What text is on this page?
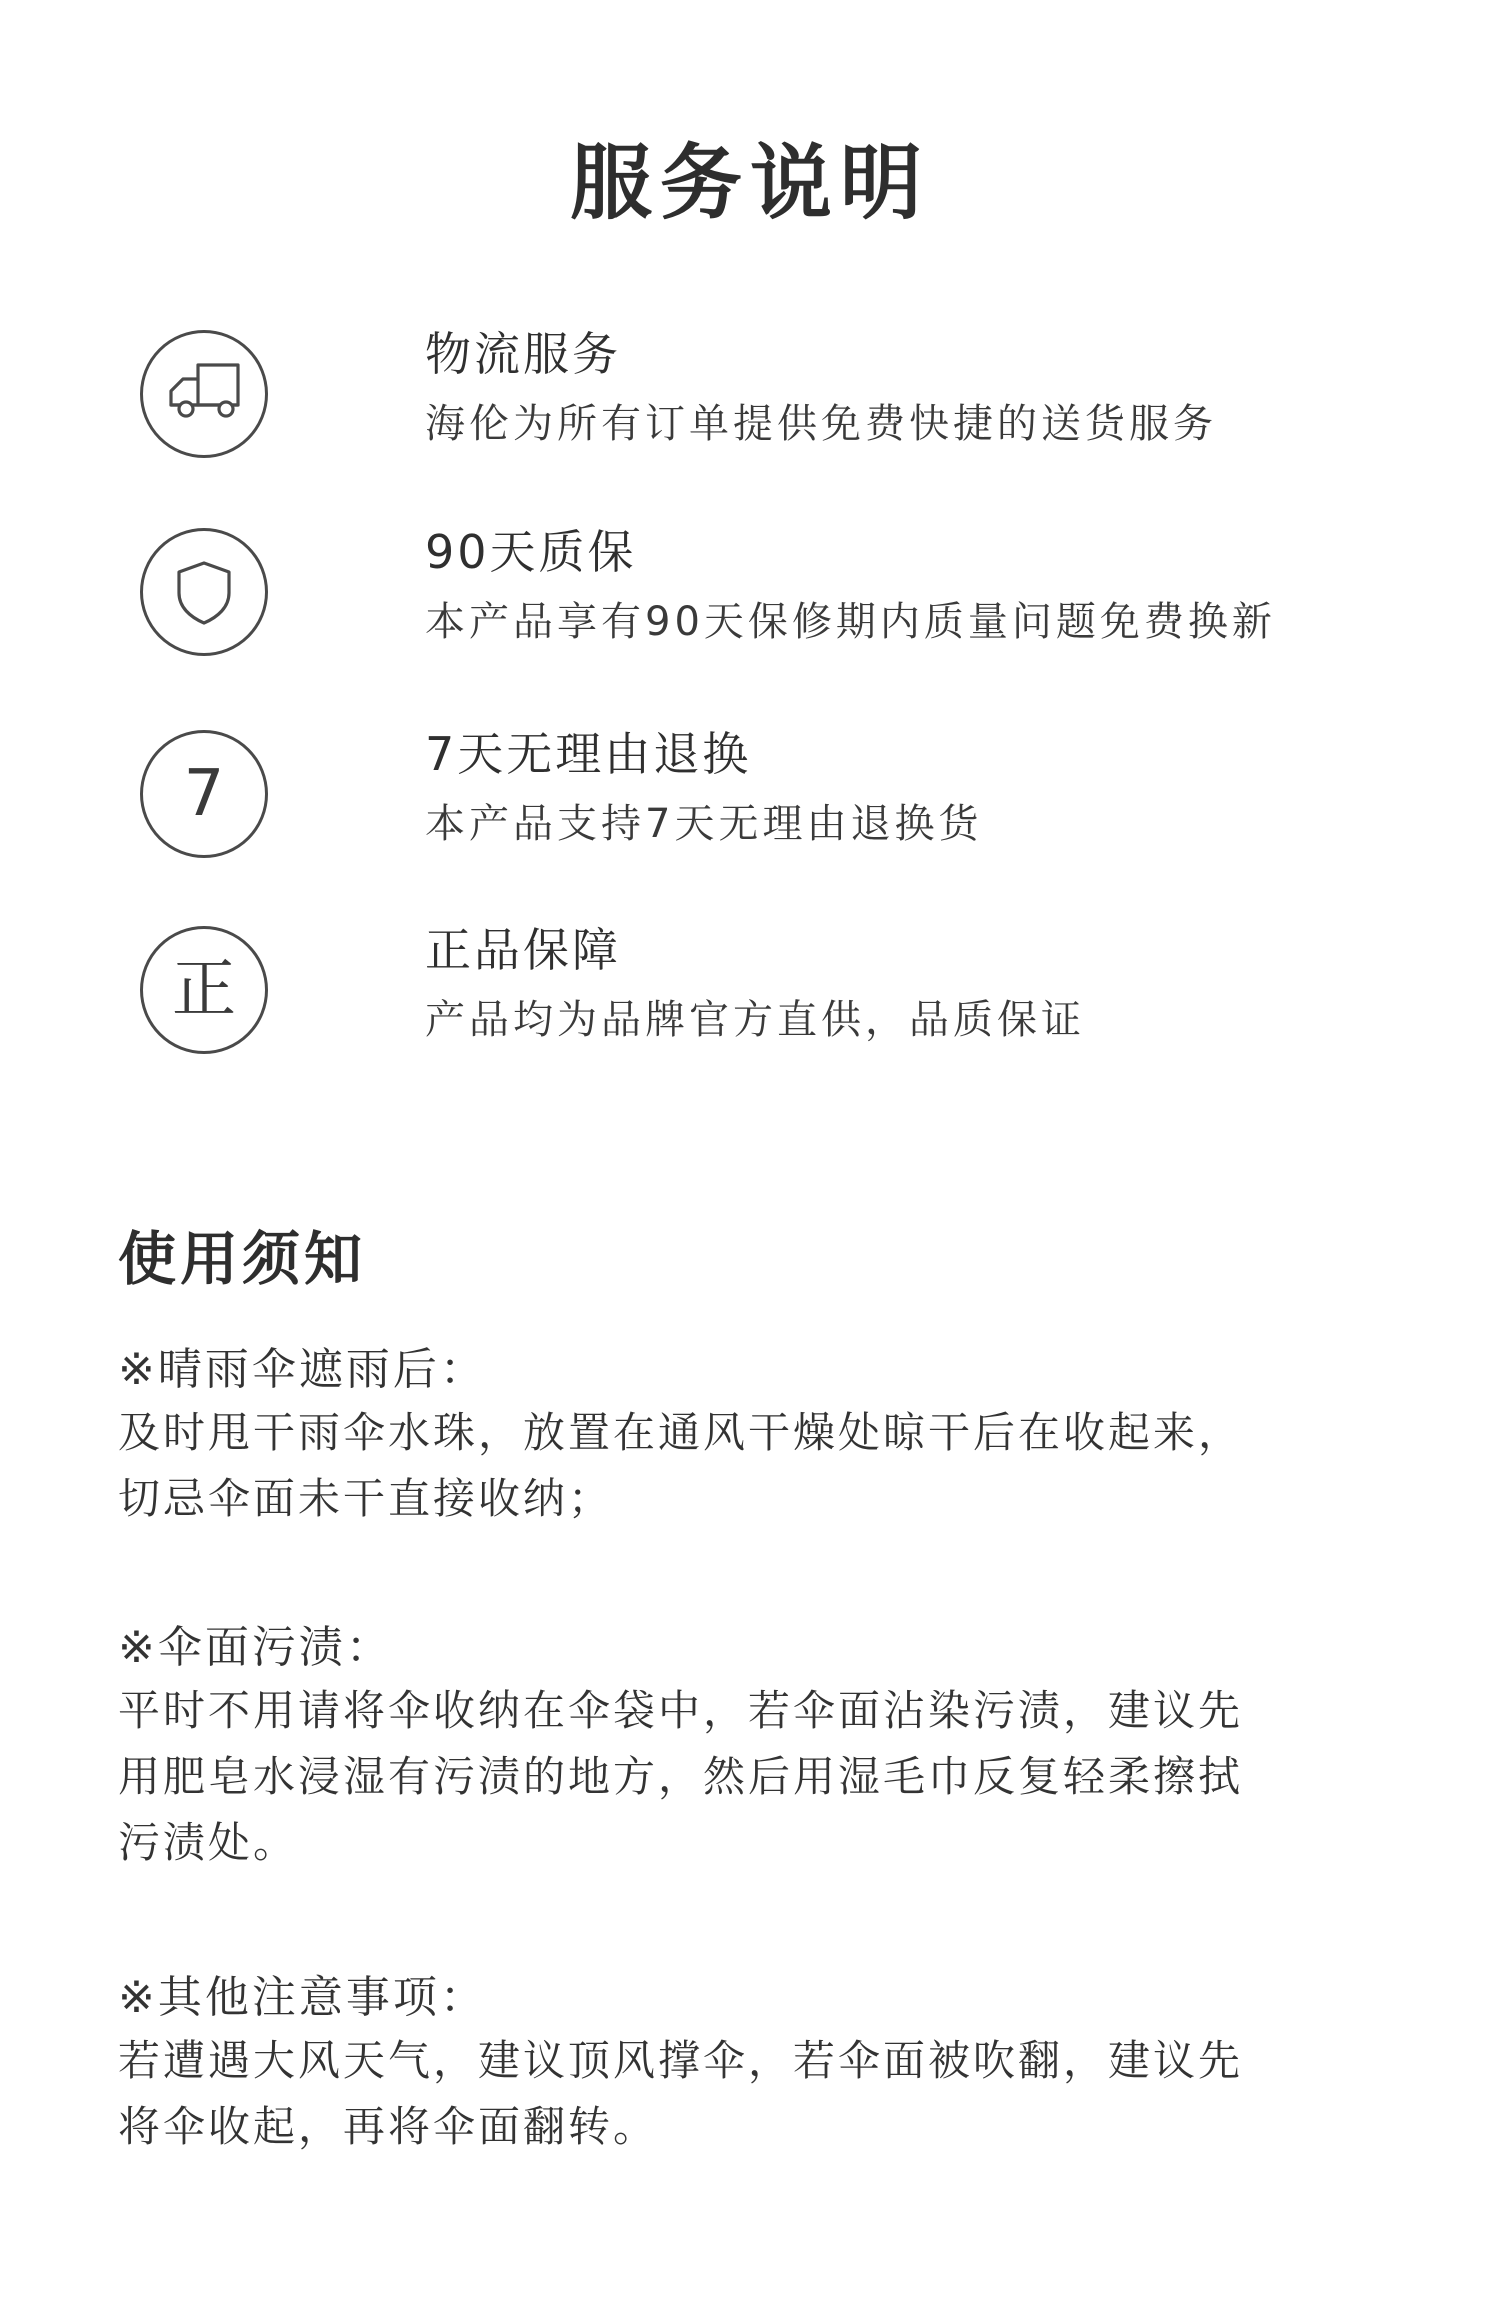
服务说明
物流服务
海伦为所有订单提供免费快捷的送货服务
90天质保
本产品享有90天保修期内质量问题免费换新
7
7天无理由退换
本产品支持7天无理由退换货
正
正品保障
产品均为品牌官方直供，品质保证
使用须知
※晴雨伞遮雨后：
及时甩干雨伞水珠，放置在通风干燥处晾干后在收起来，
切忌伞面未干直接收纳；
※伞面污渍：
平时不用请将伞收纳在伞袋中，若伞面沾染污渍，建议先
用肥皂水浸湿有污渍的地方，然后用湿毛巾反复轻柔擦拭
污渍处。
※其他注意事项：
若遭遇大风天气，建议顶风撑伞，若伞面被吹翻，建议先
将伞收起，再将伞面翻转。
